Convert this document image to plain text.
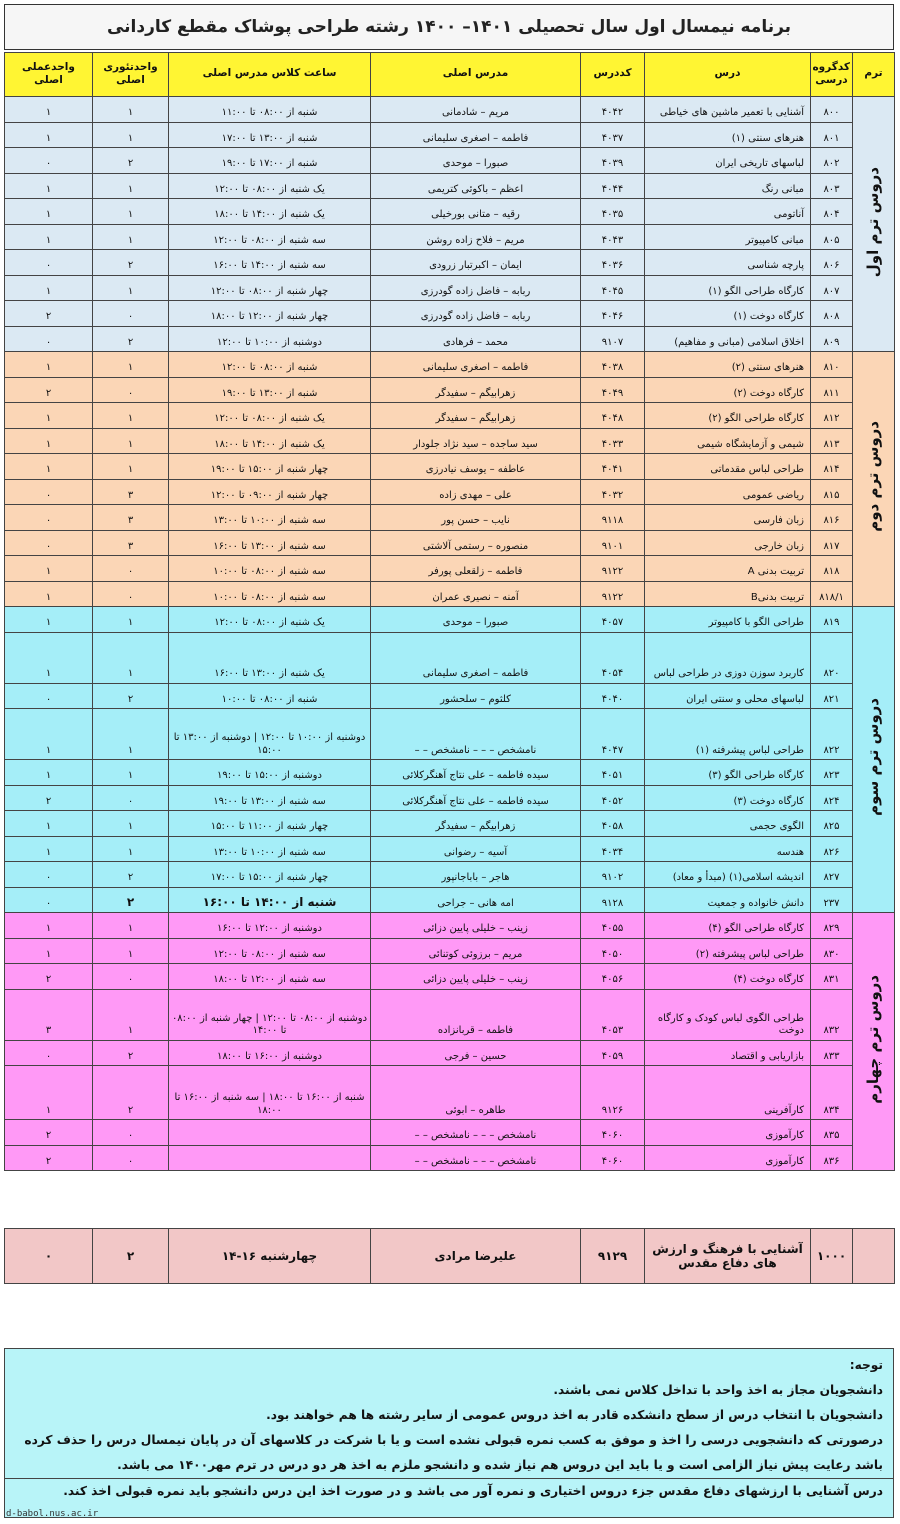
برنامه نیمسال اول سال تحصیلی ۱۴۰۱– ۱۴۰۰ رشته طراحی پوشاک مقطع کاردانی
ترم	کدگروه درسی	درس	کددرس	مدرس اصلی	ساعت کلاس مدرس اصلی	واحدتئوری اصلی	واحدعملی اصلی
دروس ترم اول	۸۰۰	آشنایی با تعمیر ماشین های خیاطی	۴۰۴۲	مریم – شادمانی	شنبه از ۰۸:۰۰ تا ۱۱:۰۰	۱	۱
	۸۰۱	هنرهای سنتی (۱)	۴۰۳۷	فاطمه – اصغری سلیمانی	شنبه از ۱۳:۰۰ تا ۱۷:۰۰	۱	۱
	۸۰۲	لباسهای تاریخی ایران	۴۰۳۹	صبورا – موحدی	شنبه از ۱۷:۰۰ تا ۱۹:۰۰	۲	۰
	۸۰۳	مبانی رنگ	۴۰۴۴	اعظم – باکوئی کتریمی	یک شنبه از ۰۸:۰۰ تا ۱۲:۰۰	۱	۱
	۸۰۴	آناتومی	۴۰۳۵	رقیه – متانی بورخیلی	یک شنبه از ۱۴:۰۰ تا ۱۸:۰۰	۱	۱
	۸۰۵	مبانی کامپیوتر	۴۰۴۳	مریم – فلاح زاده روشن	سه شنبه از ۰۸:۰۰ تا ۱۲:۰۰	۱	۱
	۸۰۶	پارچه شناسی	۴۰۳۶	ایمان – اکبرتبار زرودی	سه شنبه از ۱۴:۰۰ تا ۱۶:۰۰	۲	۰
	۸۰۷	کارگاه طراحی الگو (۱)	۴۰۴۵	ربابه – فاضل زاده گودرزی	چهار شنبه از ۰۸:۰۰ تا ۱۲:۰۰	۱	۱
	۸۰۸	کارگاه دوخت (۱)	۴۰۴۶	ربابه – فاضل زاده گودرزی	چهار شنبه از ۱۲:۰۰ تا ۱۸:۰۰	۰	۲
	۸۰۹	اخلاق اسلامی (مبانی و مفاهیم)	۹۱۰۷	محمد – فرهادی	دوشنبه از ۱۰:۰۰ تا ۱۲:۰۰	۲	۰
دروس ترم دوم	۸۱۰	هنرهای سنتی (۲)	۴۰۳۸	فاطمه – اصغری سلیمانی	شنبه از ۰۸:۰۰ تا ۱۲:۰۰	۱	۱
	۸۱۱	کارگاه دوخت (۲)	۴۰۴۹	زهرابیگم – سفیدگر	شنبه از ۱۳:۰۰ تا ۱۹:۰۰	۰	۲
	۸۱۲	کارگاه طراحی الگو (۲)	۴۰۴۸	زهرابیگم – سفیدگر	یک شنبه از ۰۸:۰۰ تا ۱۲:۰۰	۱	۱
	۸۱۳	شیمی و آزمایشگاه شیمی	۴۰۳۳	سید ساجده – سید نژاد جلودار	یک شنبه از ۱۴:۰۰ تا ۱۸:۰۰	۱	۱
	۸۱۴	طراحی لباس مقدماتی	۴۰۴۱	عاطفه – یوسف نیادرزی	چهار شنبه از ۱۵:۰۰ تا ۱۹:۰۰	۱	۱
	۸۱۵	ریاضی عمومی	۴۰۳۲	علی – مهدی زاده	چهار شنبه از ۰۹:۰۰ تا ۱۲:۰۰	۳	۰
	۸۱۶	زبان فارسی	۹۱۱۸	نایب – حسن پور	سه شنبه از ۱۰:۰۰ تا ۱۳:۰۰	۳	۰
	۸۱۷	زبان خارجی	۹۱۰۱	منصوره – رستمی آلاشتی	سه شنبه از ۱۳:۰۰ تا ۱۶:۰۰	۳	۰
	۸۱۸	تربیت بدنی A	۹۱۲۲	فاطمه – زلقعلی پورفر	سه شنبه از ۰۸:۰۰ تا ۱۰:۰۰	۰	۱
	۸۱۸/۱	تربیت بدنیB	۹۱۲۲	آمنه – نصیری عمران	سه شنبه از ۰۸:۰۰ تا ۱۰:۰۰	۰	۱
دروس ترم سوم	۸۱۹	طراحی الگو با کامپیوتر	۴۰۵۷	صبورا – موحدی	یک شنبه از ۰۸:۰۰ تا ۱۲:۰۰	۱	۱
	۸۲۰	کاربرد سوزن دوزی در طراحی لباس	۴۰۵۴	فاطمه – اصغری سلیمانی	یک شنبه از ۱۳:۰۰ تا ۱۶:۰۰	۱	۱
	۸۲۱	لباسهای محلی و سنتی ایران	۴۰۴۰	کلثوم – سلحشور	شنبه از ۰۸:۰۰ تا ۱۰:۰۰	۲	۰
	۸۲۲	طراحی لباس پیشرفته (۱)	۴۰۴۷	نامشخص – – – نامشخص – –	دوشنبه از ۱۰:۰۰ تا ۱۲:۰۰ | دوشنبه از ۱۳:۰۰ تا ۱۵:۰۰	۱	۱
	۸۲۳	کارگاه طراحی الگو (۳)	۴۰۵۱	سیده فاطمه – علی نتاج آهنگرکلائی	دوشنبه از ۱۵:۰۰ تا ۱۹:۰۰	۱	۱
	۸۲۴	کارگاه دوخت (۳)	۴۰۵۲	سیده فاطمه – علی نتاج آهنگرکلائی	سه شنبه از ۱۳:۰۰ تا ۱۹:۰۰	۰	۲
	۸۲۵	الگوی حجمی	۴۰۵۸	زهرابیگم – سفیدگر	چهار شنبه از ۱۱:۰۰ تا ۱۵:۰۰	۱	۱
	۸۲۶	هندسه	۴۰۳۴	آسیه – رضوانی	سه شنبه از ۱۰:۰۰ تا ۱۳:۰۰	۱	۱
	۸۲۷	اندیشه اسلامی(۱) (مبدأ و معاد)	۹۱۰۲	هاجر – باباجانپور	چهار شنبه از ۱۵:۰۰ تا ۱۷:۰۰	۲	۰
	۲۳۷	دانش خانواده و جمعیت	۹۱۲۸	امه هانی – جراحی	شنبه از ۱۴:۰۰ تا ۱۶:۰۰	۲	۰
دروس ترم چهارم	۸۲۹	کارگاه طراحی الگو (۴)	۴۰۵۵	زینب – خلیلی پایین دزائی	دوشنبه از ۱۲:۰۰ تا ۱۶:۰۰	۱	۱
	۸۳۰	طراحی لباس پیشرفته (۲)	۴۰۵۰	مریم – برزوئی کوتنائی	سه شنبه از ۰۸:۰۰ تا ۱۲:۰۰	۱	۱
	۸۳۱	کارگاه دوخت (۴)	۴۰۵۶	زینب – خلیلی پایین دزائی	سه شنبه از ۱۲:۰۰ تا ۱۸:۰۰	۰	۲
	۸۳۲	طراحی الگوی لباس کودک و کارگاه دوخت	۴۰۵۳	فاطمه – قربانزاده	دوشنبه از ۰۸:۰۰ تا ۱۲:۰۰ | چهار شنبه از ۰۸:۰۰ تا ۱۴:۰۰	۱	۳
	۸۳۳	بازاریابی و اقتصاد	۴۰۵۹	حسین – فرجی	دوشنبه از ۱۶:۰۰ تا ۱۸:۰۰	۲	۰
	۸۳۴	کارآفرینی	۹۱۲۶	طاهره – ابوئی	شنبه از ۱۶:۰۰ تا ۱۸:۰۰ | سه شنبه از ۱۶:۰۰ تا ۱۸:۰۰	۲	۱
	۸۳۵	کارآموزی	۴۰۶۰	نامشخص – – – نامشخص – –		۰	۲
	۸۳۶	کارآموزی	۴۰۶۰	نامشخص – – – نامشخص – –		۰	۲
	۱۰۰۰	آشنایی با فرهنگ و ارزش های دفاع مقدس	۹۱۲۹	علیرضا مرادی	چهارشنبه ۱۶-۱۴	۲	۰
توجه:
دانشجویان مجاز به اخذ واحد با تداخل کلاس نمی باشند.
دانشجویان با انتخاب درس از سطح دانشکده قادر به اخذ دروس عمومی از سایر رشته ها هم خواهند بود.
درصورتی که دانشجویی درسی را اخذ و موفق به کسب نمره قبولی نشده است و یا با شرکت در کلاسهای آن در پایان نیمسال درس را حذف کرده باشد رعایت پیش نیاز الزامی است و یا باید این دروس هم نیاز شده و دانشجو ملزم به اخذ هر دو درس در ترم مهر۱۴۰۰ می باشد.
درس آشنایی با ارزشهای دفاع مقدس جزء دروس اختیاری و نمره آور می باشد و در صورت اخذ این درس دانشجو باید نمره قبولی اخذ کند.
d-babol.nus.ac.ir
